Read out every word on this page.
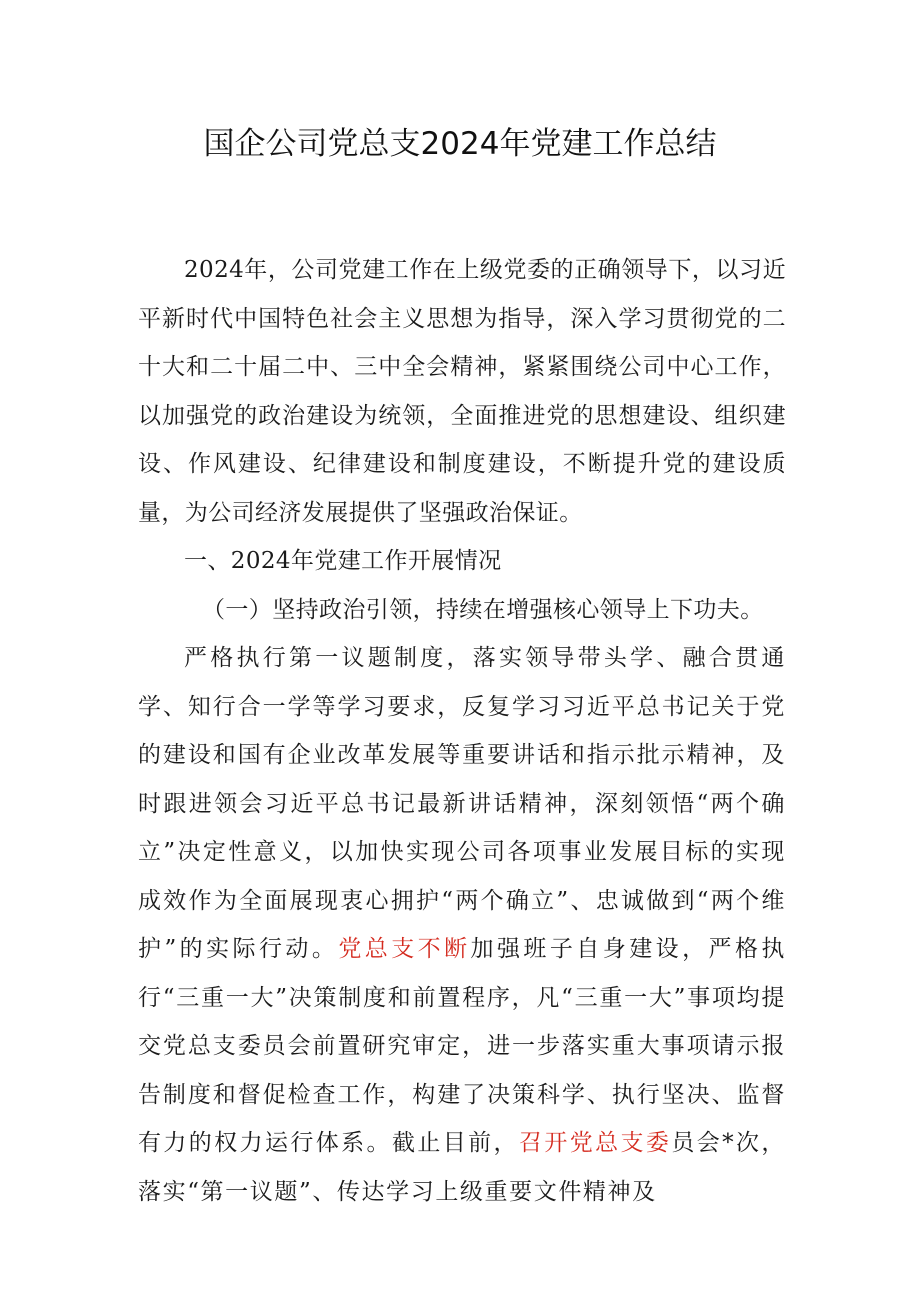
国企公司党总支2024年党建工作总结

2024年，公司党建工作在上级党委的正确领导下，以习近平新时代中国特色社会主义思想为指导，深入学习贯彻党的二十大和二十届二中、三中全会精神，紧紧围绕公司中心工作，以加强党的政治建设为统领，全面推进党的思想建设、组织建设、作风建设、纪律建设和制度建设，不断提升党的建设质量，为公司经济发展提供了坚强政治保证。

一、2024年党建工作开展情况

（一）坚持政治引领，持续在增强核心领导上下功夫。

严格执行第一议题制度，落实领导带头学、融合贯通学、知行合一学等学习要求，反复学习习近平总书记关于党的建设和国有企业改革发展等重要讲话和指示批示精神，及时跟进领会习近平总书记最新讲话精神，深刻领悟“两个确立”决定性意义，以加快实现公司各项事业发展目标的实现成效作为全面展现衷心拥护“两个确立”、忠诚做到“两个维护”的实际行动。党总支不断加强班子自身建设，严格执行“三重一大”决策制度和前置程序，凡“三重一大”事项均提交党总支委员会前置研究审定，进一步落实重大事项请示报告制度和督促检查工作，构建了决策科学、执行坚决、监督有力的权力运行体系。截止目前，召开党总支委员会*次，落实“第一议题”、传达学习上级重要文件精神及
